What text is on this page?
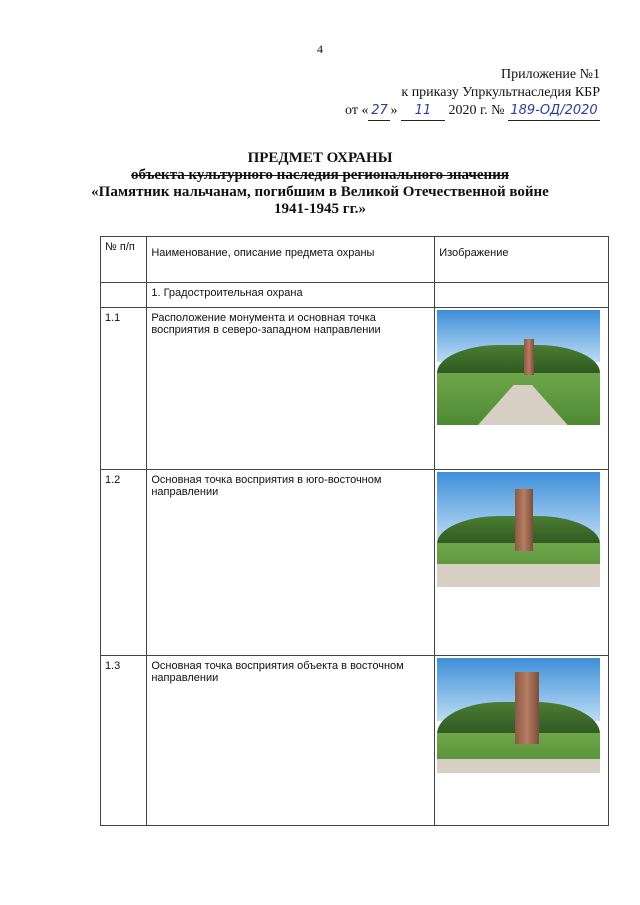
4
Приложение №1
к приказу Упркультнаследия КБР
от « 27 » 11 2020 г. № 189-ОД/2020
ПРЕДМЕТ ОХРАНЫ
объекта культурного наследия регионального значения
«Памятник нальчанам, погибшим в Великой Отечественной войне
1941-1945 гг.»
№ п/п	Наименование, описание предмета охраны	Изображение
	1. Градостроительная охрана	
1.1	Расположение монумента и основная точка восприятия в северо-западном направлении	

1.2	Основная точка восприятия в юго-восточном направлении	

1.3	Основная точка восприятия объекта в восточном направлении	
